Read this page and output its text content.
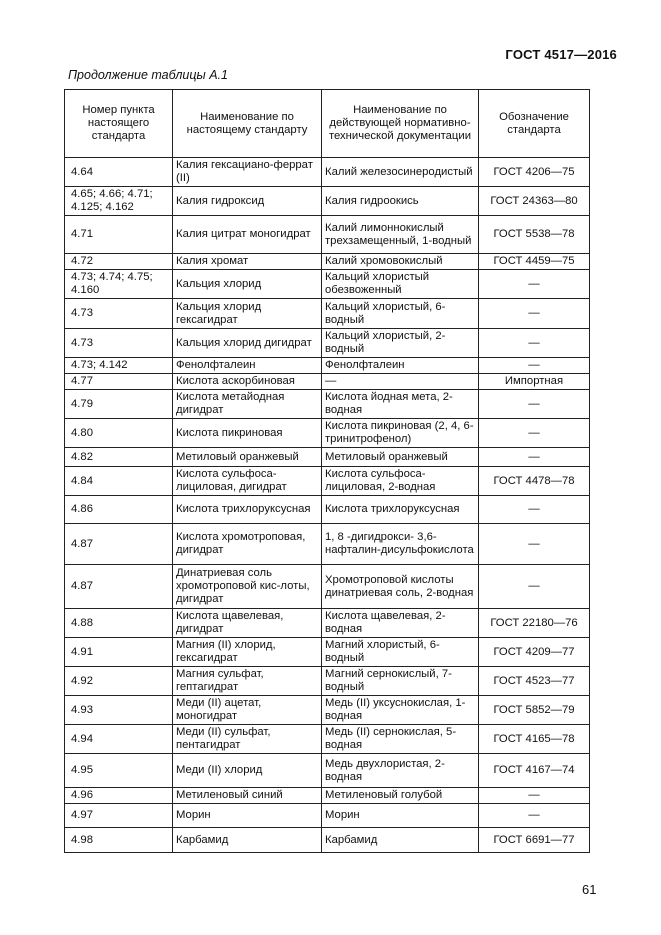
ГОСТ 4517—2016
Продолжение таблицы А.1
Номер пункта настоящего стандарта	Наименование по настоящему стандарту	Наименование по действующей нормативно-технической документации	Обозначение стандарта
4.64	Калия гексациано-феррат (II)	Калий железосинеродистый	ГОСТ 4206—75
4.65; 4.66; 4.71; 4.125; 4.162	Калия гидроксид	Калия гидроокись	ГОСТ 24363—80
4.71	Калия цитрат моногидрат	Калий лимоннокислый трехзамещенный, 1-водный	ГОСТ 5538—78
4.72	Калия хромат	Калий хромовокислый	ГОСТ 4459—75
4.73; 4.74; 4.75; 4.160	Кальция хлорид	Кальций хлористый обезвоженный	—
4.73	Кальция хлорид гексагидрат	Кальций хлористый, 6-водный	—
4.73	Кальция хлорид дигидрат	Кальций хлористый, 2-водный	—
4.73; 4.142	Фенолфталеин	Фенолфталеин	—
4.77	Кислота аскорбиновая	—	Импортная
4.79	Кислота метайодная дигидрат	Кислота йодная мета, 2-водная	—
4.80	Кислота пикриновая	Кислота пикриновая (2, 4, 6-тринитрофенол)	—
4.82	Метиловый оранжевый	Метиловый оранжевый	—
4.84	Кислота сульфоса-лициловая, дигидрат	Кислота сульфоса-лициловая, 2-водная	ГОСТ 4478—78
4.86	Кислота трихлоруксусная	Кислота трихлоруксусная	—
4.87	Кислота хромотроповая, дигидрат	1, 8 -дигидрокси- 3,6-нафталин-дисульфокислота	—
4.87	Динатриевая соль хромотроповой кис-лоты, дигидрат	Хромотроповой кислоты динатриевая соль, 2-водная	—
4.88	Кислота щавелевая, дигидрат	Кислота щавелевая, 2-водная	ГОСТ 22180—76
4.91	Магния (II) хлорид, гексагидрат	Магний хлористый, 6-водный	ГОСТ 4209—77
4.92	Магния сульфат, гептагидрат	Магний сернокислый, 7-водный	ГОСТ 4523—77
4.93	Меди (II) ацетат, моногидрат	Медь (II) уксуснокислая, 1-водная	ГОСТ 5852—79
4.94	Меди (II) сульфат, пентагидрат	Медь (II) сернокислая, 5-водная	ГОСТ 4165—78
4.95	Меди (II) хлорид	Медь двухлористая, 2-водная	ГОСТ 4167—74
4.96	Метиленовый синий	Метиленовый голубой	—
4.97	Морин	Морин	—
4.98	Карбамид	Карбамид	ГОСТ 6691—77
61
